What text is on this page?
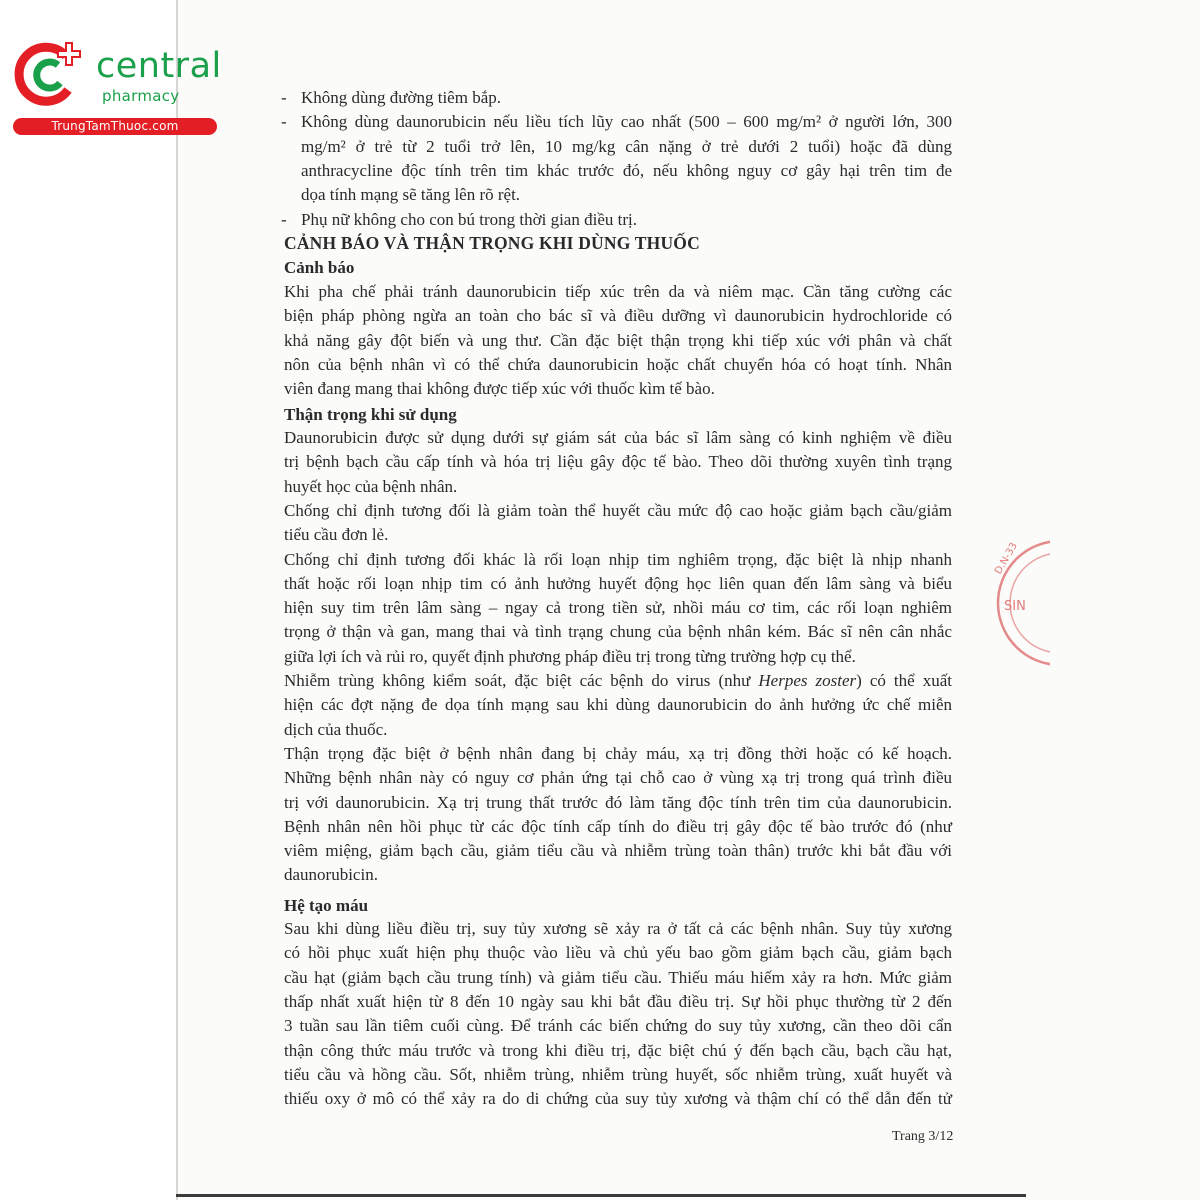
central
pharmacy
TrungTamThuoc.com
- Không dùng đường tiêm bắp.
- Không dùng daunorubicin nếu liều tích lũy cao nhất (500 – 600 mg/m² ở người lớn, 300
mg/m² ở trẻ từ 2 tuổi trở lên, 10 mg/kg cân nặng ở trẻ dưới 2 tuổi) hoặc đã dùng
anthracycline độc tính trên tim khác trước đó, nếu không nguy cơ gây hại trên tim đe
dọa tính mạng sẽ tăng lên rõ rệt.
- Phụ nữ không cho con bú trong thời gian điều trị.
CẢNH BÁO VÀ THẬN TRỌNG KHI DÙNG THUỐC
Cảnh báo
Khi pha chế phải tránh daunorubicin tiếp xúc trên da và niêm mạc. Cần tăng cường các
biện pháp phòng ngừa an toàn cho bác sĩ và điều dưỡng vì daunorubicin hydrochloride có
khả năng gây đột biến và ung thư. Cần đặc biệt thận trọng khi tiếp xúc với phân và chất
nôn của bệnh nhân vì có thể chứa daunorubicin hoặc chất chuyển hóa có hoạt tính. Nhân
viên đang mang thai không được tiếp xúc với thuốc kìm tế bào.
Thận trọng khi sử dụng
Daunorubicin được sử dụng dưới sự giám sát của bác sĩ lâm sàng có kinh nghiệm về điều
trị bệnh bạch cầu cấp tính và hóa trị liệu gây độc tế bào. Theo dõi thường xuyên tình trạng
huyết học của bệnh nhân.
Chống chỉ định tương đối là giảm toàn thể huyết cầu mức độ cao hoặc giảm bạch cầu/giảm
tiểu cầu đơn lẻ.
Chống chỉ định tương đối khác là rối loạn nhịp tim nghiêm trọng, đặc biệt là nhịp nhanh
thất hoặc rối loạn nhịp tim có ảnh hưởng huyết động học liên quan đến lâm sàng và biểu
hiện suy tim trên lâm sàng – ngay cả trong tiền sử, nhồi máu cơ tim, các rối loạn nghiêm
trọng ở thận và gan, mang thai và tình trạng chung của bệnh nhân kém. Bác sĩ nên cân nhắc
giữa lợi ích và rủi ro, quyết định phương pháp điều trị trong từng trường hợp cụ thể.
Nhiễm trùng không kiểm soát, đặc biệt các bệnh do virus (như Herpes zoster) có thể xuất
hiện các đợt nặng đe dọa tính mạng sau khi dùng daunorubicin do ảnh hưởng ức chế miễn
dịch của thuốc.
Thận trọng đặc biệt ở bệnh nhân đang bị chảy máu, xạ trị đồng thời hoặc có kế hoạch.
Những bệnh nhân này có nguy cơ phản ứng tại chỗ cao ở vùng xạ trị trong quá trình điều
trị với daunorubicin. Xạ trị trung thất trước đó làm tăng độc tính trên tim của daunorubicin.
Bệnh nhân nên hồi phục từ các độc tính cấp tính do điều trị gây độc tế bào trước đó (như
viêm miệng, giảm bạch cầu, giảm tiểu cầu và nhiễm trùng toàn thân) trước khi bắt đầu với
daunorubicin.
Hệ tạo máu
Sau khi dùng liều điều trị, suy tủy xương sẽ xảy ra ở tất cả các bệnh nhân. Suy tủy xương
có hồi phục xuất hiện phụ thuộc vào liều và chủ yếu bao gồm giảm bạch cầu, giảm bạch
cầu hạt (giảm bạch cầu trung tính) và giảm tiểu cầu. Thiếu máu hiếm xảy ra hơn. Mức giảm
thấp nhất xuất hiện từ 8 đến 10 ngày sau khi bắt đầu điều trị. Sự hồi phục thường từ 2 đến
3 tuần sau lần tiêm cuối cùng. Để tránh các biến chứng do suy tủy xương, cần theo dõi cẩn
thận công thức máu trước và trong khi điều trị, đặc biệt chú ý đến bạch cầu, bạch cầu hạt,
tiểu cầu và hồng cầu. Sốt, nhiễm trùng, nhiễm trùng huyết, sốc nhiễm trùng, xuất huyết và
thiếu oxy ở mô có thể xảy ra do di chứng của suy tủy xương và thậm chí có thể dẫn đến tử
SIN
D.N-33
Trang 3/12
